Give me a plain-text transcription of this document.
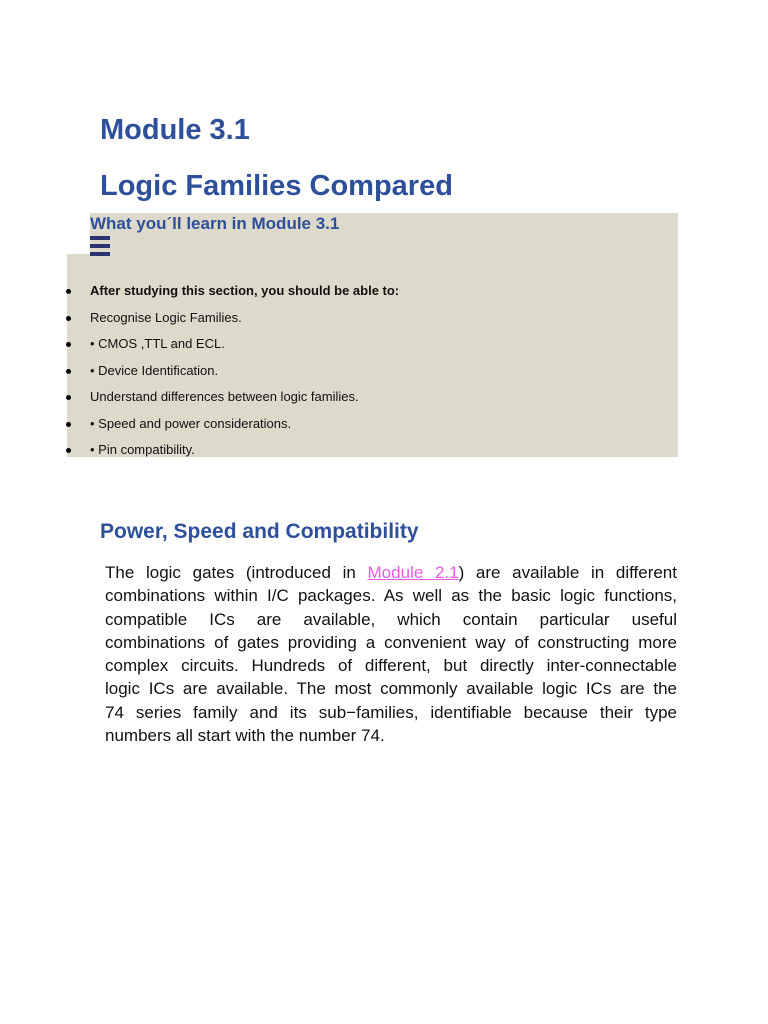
Module 3.1
Logic Families Compared
What you´ll learn in Module 3.1
After studying this section, you should be able to:
Recognise Logic Families.
• CMOS ,TTL and ECL.
• Device Identification.
Understand differences between logic families.
• Speed and power considerations.
• Pin compatibility.
Power, Speed and Compatibility
The logic gates (introduced in Module 2.1) are available in different
combinations within I/C packages. As well as the basic logic functions,
compatible ICs are available, which contain particular useful
combinations of gates providing a convenient way of constructing more
complex circuits. Hundreds of different, but directly inter-connectable
logic ICs are available. The most commonly available logic ICs are the
74 series family and its sub−families, identifiable because their type
numbers all start with the number 74.
